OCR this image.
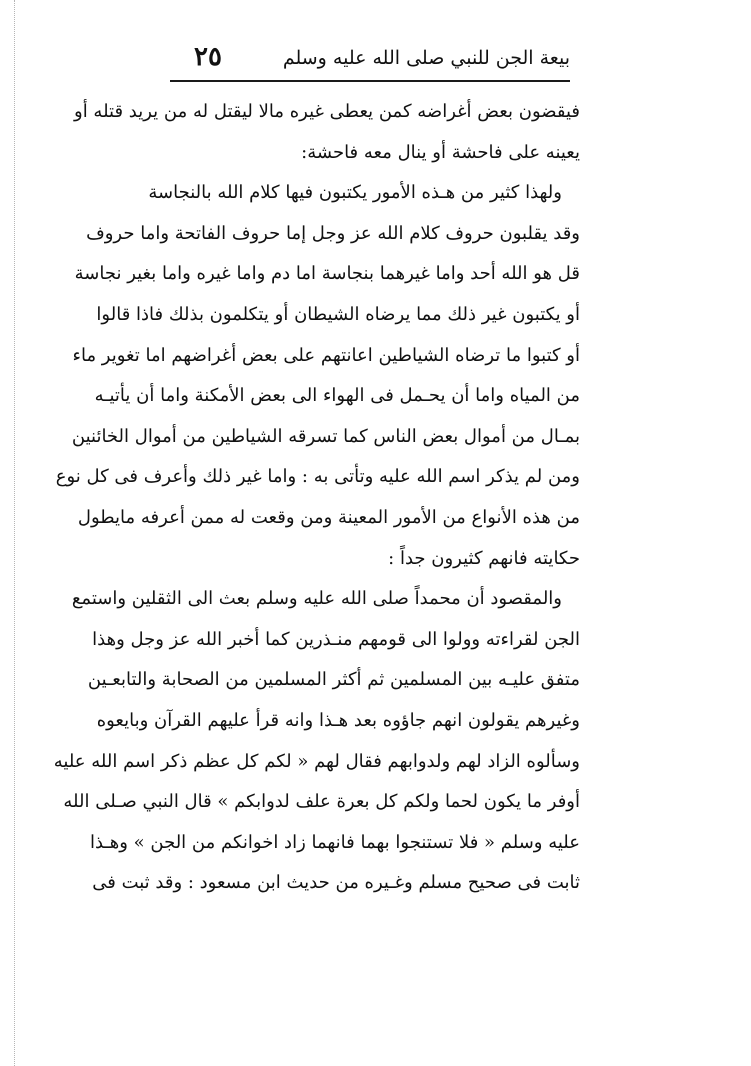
بيعة الجن للنبي صلى الله عليه وسلم
٢٥
فيقضون بعض أغراضه كمن يعطى غيره مالا ليقتل له من يريد قتله أو
يعينه على فاحشة أو ينال معه فاحشة:
ولهذا كثير من هـذه الأمور يكتبون فيها كلام الله بالنجاسة
وقد يقلبون حروف كلام الله عز وجل إما حروف الفاتحة واما حروف
قل هو الله أحد واما غيرهما بنجاسة اما دم واما غيره واما بغير نجاسة
أو يكتبون غير ذلك مما يرضاه الشيطان أو يتكلمون بذلك فاذا قالوا
أو كتبوا ما ترضاه الشياطين اعانتهم على بعض أغراضهم اما تغوير ماء
من المياه واما أن يحـمل فى الهواء الى بعض الأمكنة واما أن يأتيـه
بمـال من أموال بعض الناس كما تسرقه الشياطين من أموال الخائنين
ومن لم يذكر اسم الله عليه وتأتى به : واما غير ذلك وأعرف فى كل نوع
من هذه الأنواع من الأمور المعينة ومن وقعت له ممن أعرفه مايطول
حكايته فانهم كثيرون جداً :
والمقصود أن محمداً صلى الله عليه وسلم بعث الى الثقلين واستمع
الجن لقراءته وولوا الى قومهم منـذرين كما أخبر الله عز وجل وهذا
متفق عليـه بين المسلمين ثم أكثر المسلمين من الصحابة والتابعـين
وغيرهم يقولون انهم جاؤوه بعد هـذا وانه قرأ عليهم القرآن وبايعوه
وسألوه الزاد لهم ولدوابهم فقال لهم « لكم كل عظم ذكر اسم الله عليه
أوفر ما يكون لحما ولكم كل بعرة علف لدوابكم » قال النبي صـلى الله
عليه وسلم « فلا تستنجوا بهما فانهما زاد اخوانكم من الجن » وهـذا
ثابت فى صحيح مسلم وغـيره من حديث ابن مسعود : وقد ثبت فى
